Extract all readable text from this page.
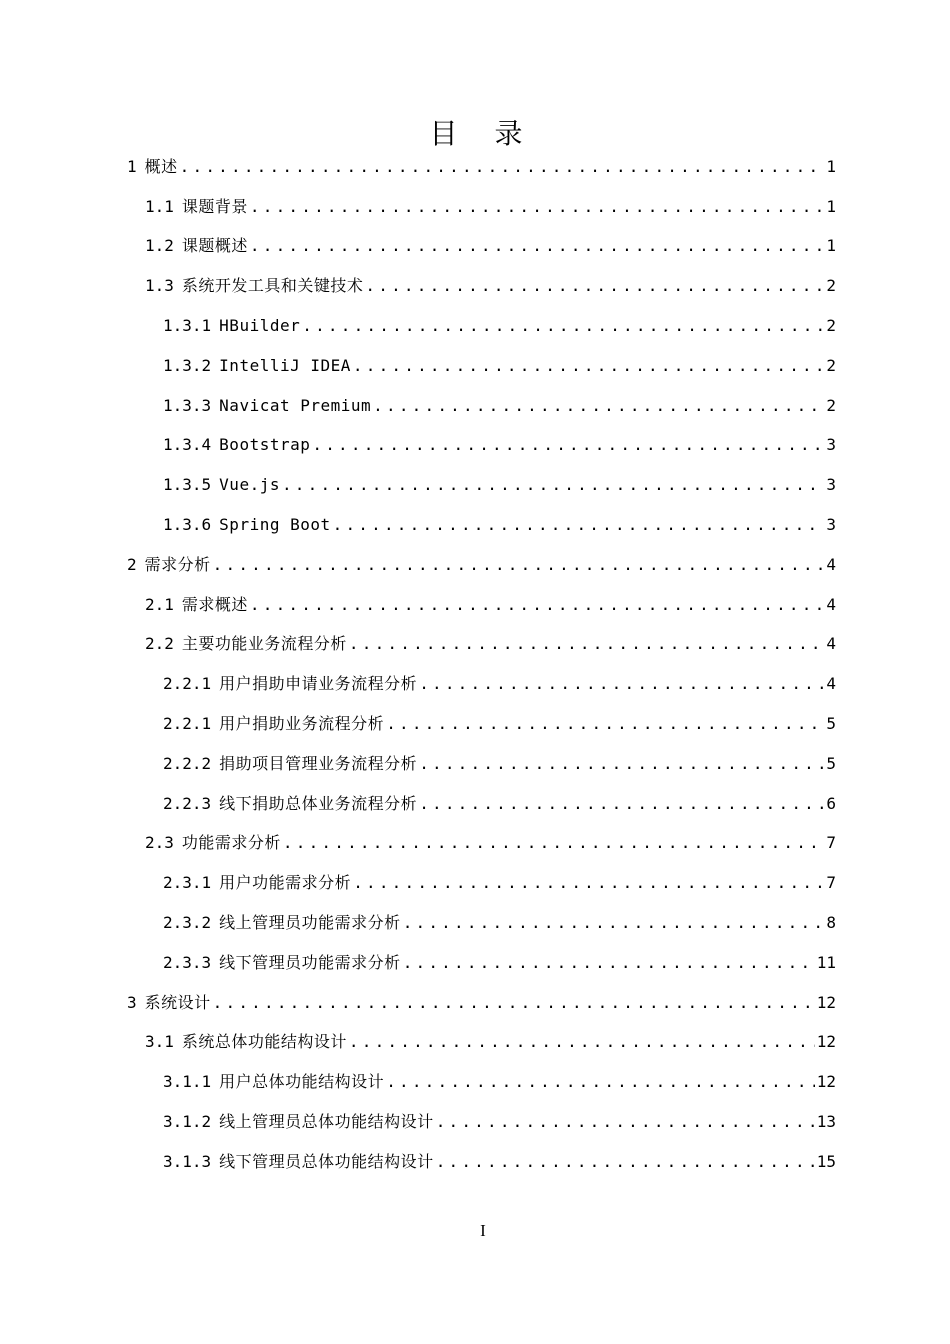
目 录
1 概述 .....	1
1.1 课题背景 .....	1
1.2 课题概述 .....	1
1.3 系统开发工具和关键技术 .....	2
1.3.1 HBuilder .....	2
1.3.2 IntelliJ IDEA .....	2
1.3.3 Navicat Premium .....	2
1.3.4 Bootstrap .....	3
1.3.5 Vue.js .....	3
1.3.6 Spring Boot .....	3
2 需求分析 .....	4
2.1 需求概述 .....	4
2.2 主要功能业务流程分析 .....	4
2.2.1 用户捐助申请业务流程分析 .....	4
2.2.1 用户捐助业务流程分析 .....	5
2.2.2 捐助项目管理业务流程分析 .....	5
2.2.3 线下捐助总体业务流程分析 .....	6
2.3 功能需求分析 .....	7
2.3.1 用户功能需求分析 .....	7
2.3.2 线上管理员功能需求分析 .....	8
2.3.3 线下管理员功能需求分析 .....	11
3 系统设计 .....	12
3.1 系统总体功能结构设计 .....	12
3.1.1 用户总体功能结构设计 .....	12
3.1.2 线上管理员总体功能结构设计 .....	13
3.1.3 线下管理员总体功能结构设计 .....	15
I
